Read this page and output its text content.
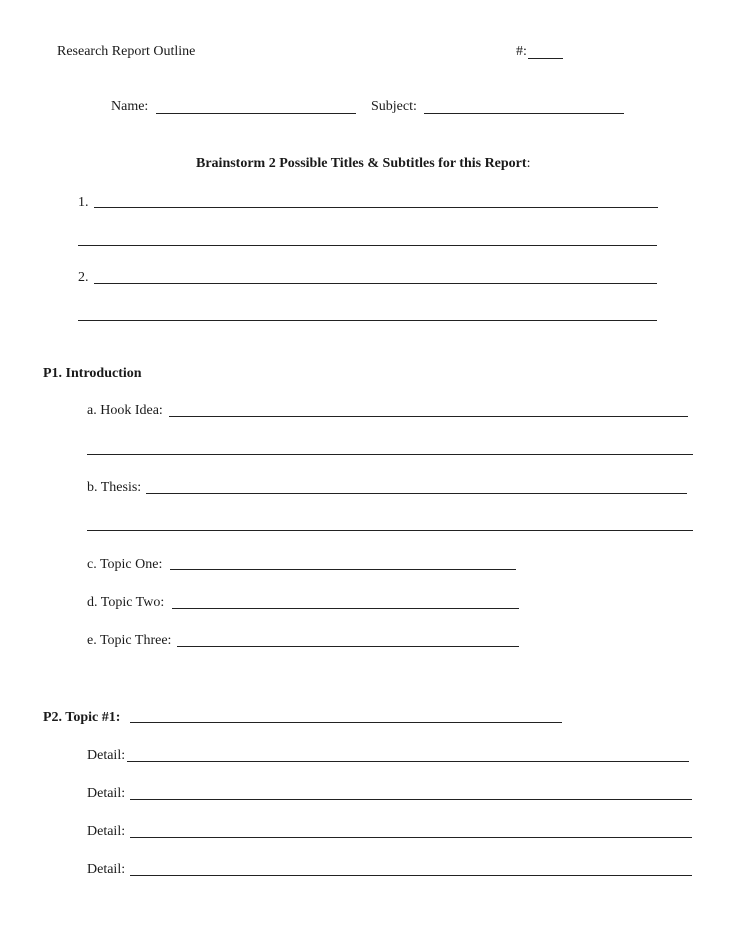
Research Report Outline	#:
Name:	Subject:
Brainstorm 2 Possible Titles & Subtitles for this Report:
1.
2.
P1. Introduction
a. Hook Idea:
b. Thesis:
c. Topic One:
d. Topic Two:
e. Topic Three:
P2. Topic #1:
Detail:
Detail:
Detail:
Detail:
